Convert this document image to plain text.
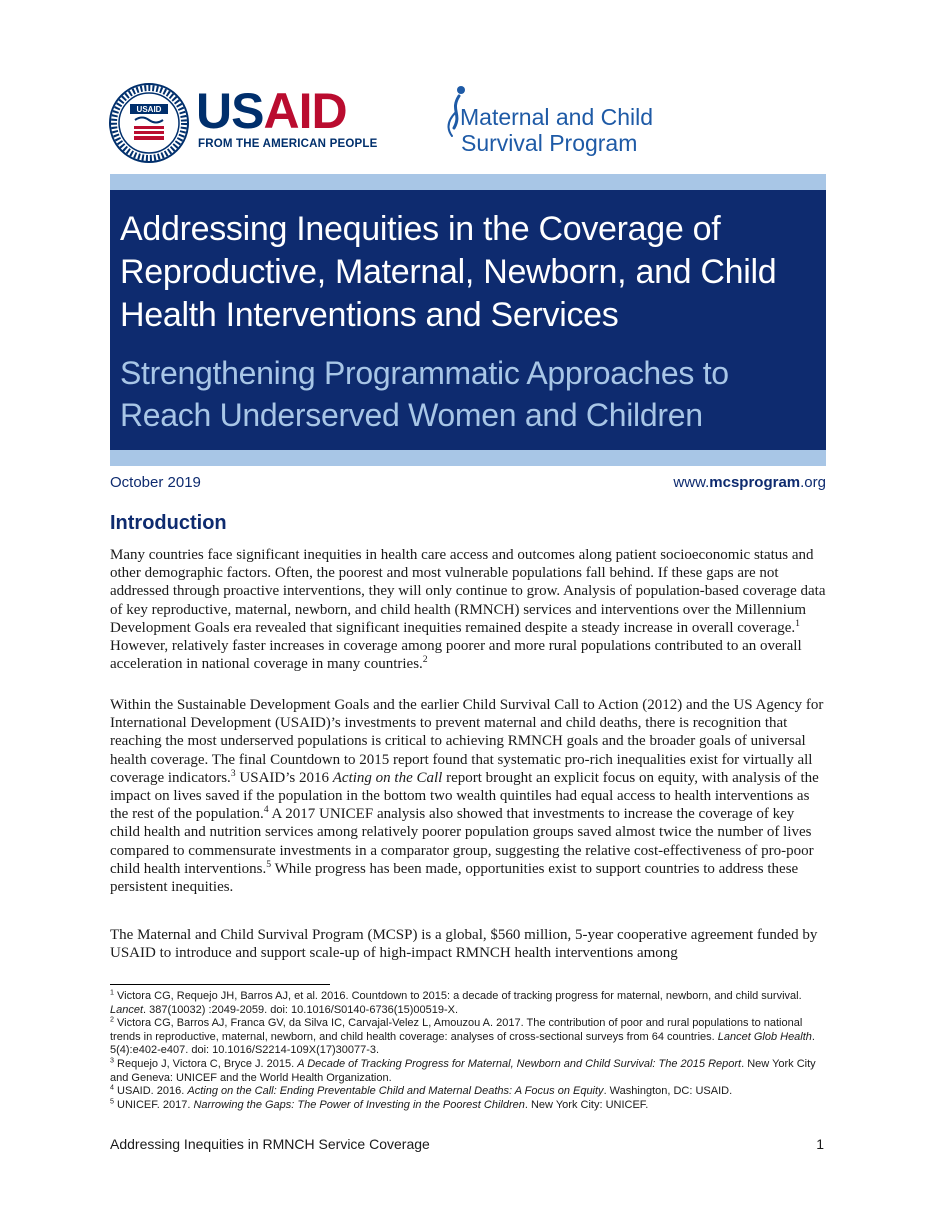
USAID USAID
FROM THE AMERICAN PEOPLE
Maternal and Child
Survival Program
Addressing Inequities in the Coverage of Reproductive, Maternal, Newborn, and Child Health Interventions and Services
Strengthening Programmatic Approaches to Reach Underserved Women and Children
October 2019	www.mcsprogram.org
Introduction
Many countries face significant inequities in health care access and outcomes along patient socioeconomic status and other demographic factors. Often, the poorest and most vulnerable populations fall behind. If these gaps are not addressed through proactive interventions, they will only continue to grow. Analysis of population-based coverage data of key reproductive, maternal, newborn, and child health (RMNCH) services and interventions over the Millennium Development Goals era revealed that significant inequities remained despite a steady increase in overall coverage.$^1$ However, relatively faster increases in coverage among poorer and more rural populations contributed to an overall acceleration in national coverage in many countries.$^2$
Within the Sustainable Development Goals and the earlier Child Survival Call to Action (2012) and the US Agency for International Development (USAID)’s investments to prevent maternal and child deaths, there is recognition that reaching the most underserved populations is critical to achieving RMNCH goals and the broader goals of universal health coverage. The final Countdown to 2015 report found that systematic pro-rich inequalities exist for virtually all coverage indicators.$^3$ USAID’s 2016 Acting on the Call report brought an explicit focus on equity, with analysis of the impact on lives saved if the population in the bottom two wealth quintiles had equal access to health interventions as the rest of the population.$^4$ A 2017 UNICEF analysis also showed that investments to increase the coverage of key child health and nutrition services among relatively poorer population groups saved almost twice the number of lives compared to commensurate investments in a comparator group, suggesting the relative cost-effectiveness of pro-poor child health interventions.$^5$ While progress has been made, opportunities exist to support countries to address these persistent inequities.
The Maternal and Child Survival Program (MCSP) is a global, $560 million, 5-year cooperative agreement funded by USAID to introduce and support scale-up of high-impact RMNCH health interventions among
$^1$ Victora CG, Requejo JH, Barros AJ, et al. 2016. Countdown to 2015: a decade of tracking progress for maternal, newborn, and child survival. Lancet. 387(10032) :2049-2059. doi: 10.1016/S0140-6736(15)00519-X.
$^2$ Victora CG, Barros AJ, Franca GV, da Silva IC, Carvajal-Velez L, Amouzou A. 2017. The contribution of poor and rural populations to national trends in reproductive, maternal, newborn, and child health coverage: analyses of cross-sectional surveys from 64 countries. Lancet Glob Health. 5(4):e402-e407. doi: 10.1016/S2214-109X(17)30077-3.
$^3$ Requejo J, Victora C, Bryce J. 2015. A Decade of Tracking Progress for Maternal, Newborn and Child Survival: The 2015 Report. New York City and Geneva: UNICEF and the World Health Organization.
$^4$ USAID. 2016. Acting on the Call: Ending Preventable Child and Maternal Deaths: A Focus on Equity. Washington, DC: USAID.
$^5$ UNICEF. 2017. Narrowing the Gaps: The Power of Investing in the Poorest Children. New York City: UNICEF.
Addressing Inequities in RMNCH Service Coverage	1
